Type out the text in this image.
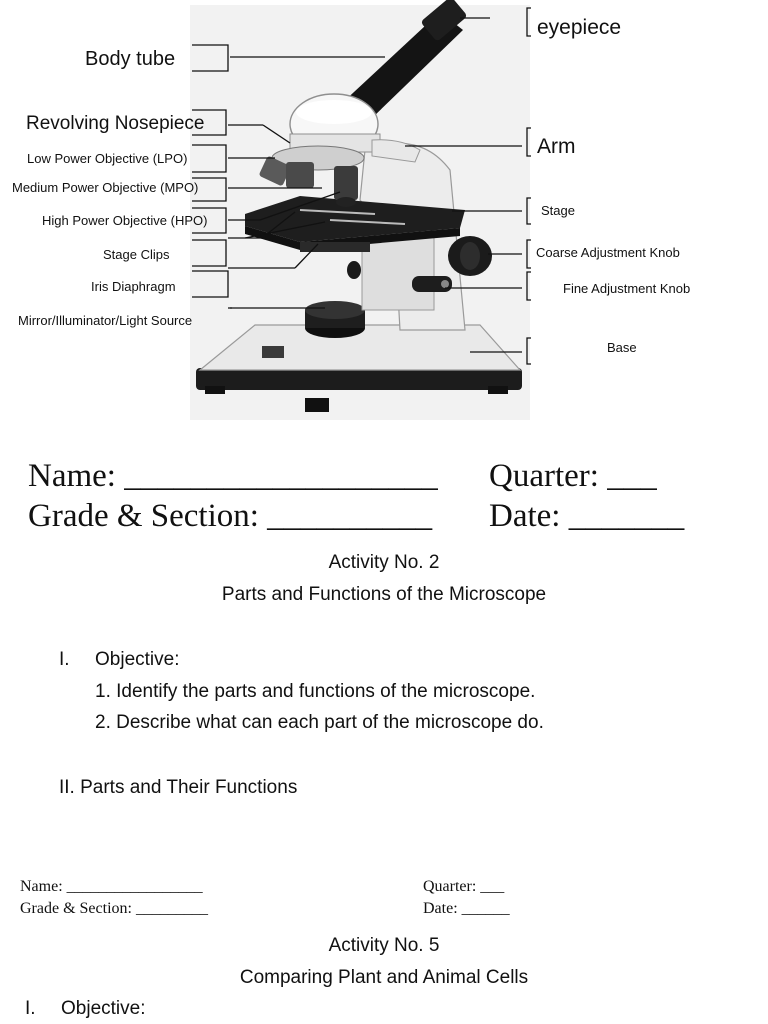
eyepiece
Body tube
Revolving Nosepiece
Low Power Objective (LPO)
Medium Power Objective (MPO)
High Power Objective (HPO)
Stage Clips
Iris Diaphragm
Mirror/Illuminator/Light Source
Arm
Stage
Coarse Adjustment Knob
Fine Adjustment Knob
Base
Name: ___________________ Quarter: ___
Grade & Section: __________ Date: _______
Activity No. 2
Parts and Functions of the Microscope
I. Objective:
1. Identify the parts and functions of the microscope.
2. Describe what can each part of the microscope do.
II. Parts and Their Functions
Name: _________________	Quarter: ___
Grade & Section: _________	Date: ______
Activity No. 5
Comparing Plant and Animal Cells
I. Objective:
